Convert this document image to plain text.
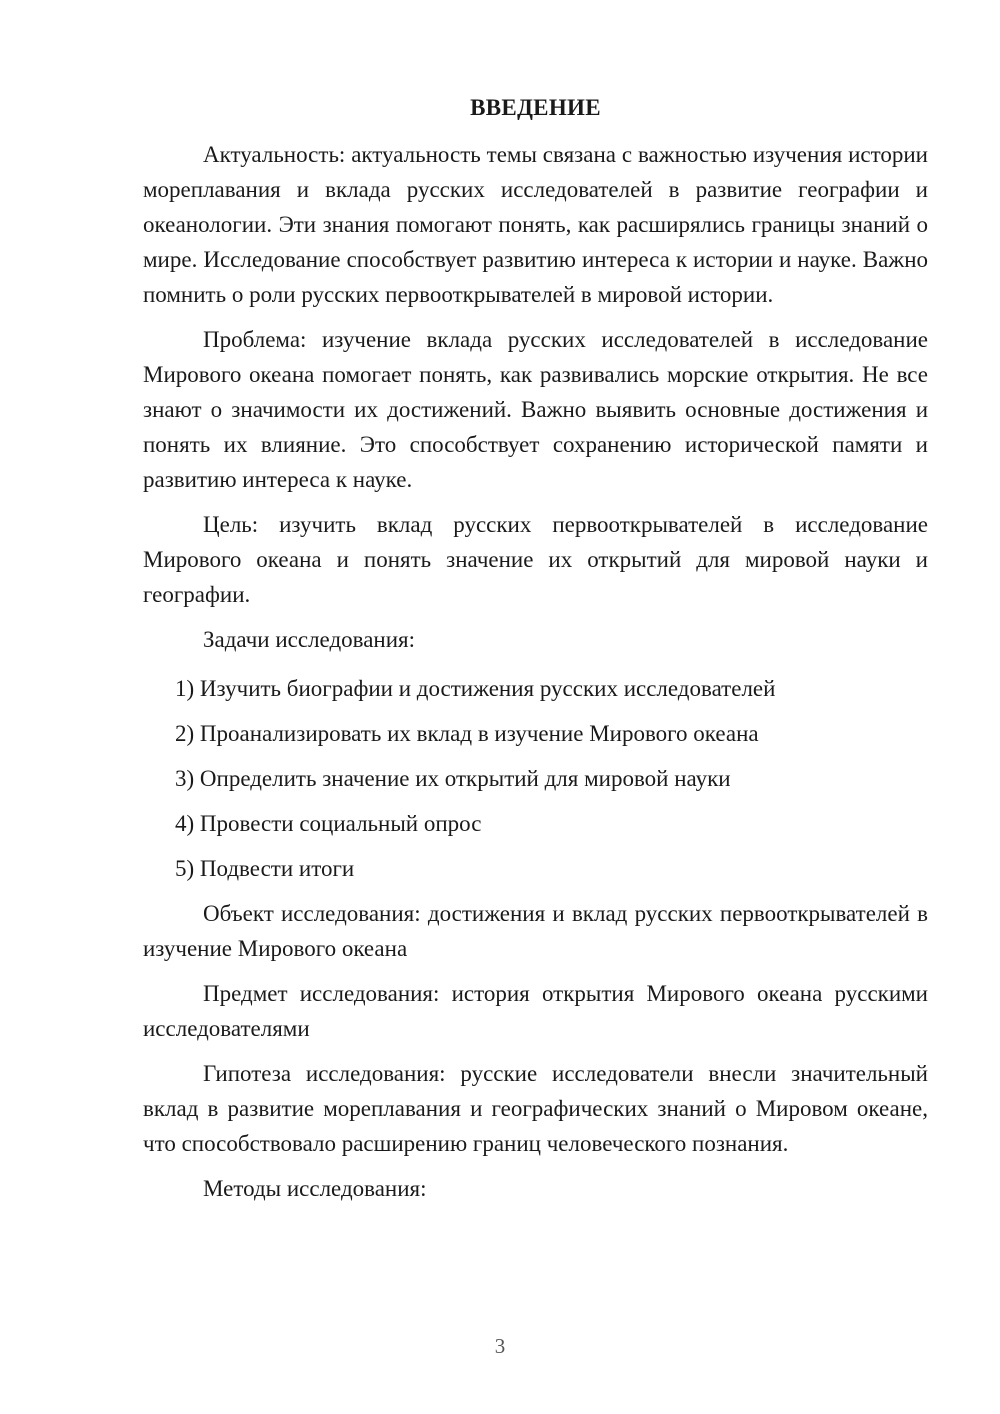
ВВЕДЕНИЕ

Актуальность: актуальность темы связана с важностью изучения истории мореплавания и вклада русских исследователей в развитие географии и океанологии. Эти знания помогают понять, как расширялись границы знаний о мире. Исследование способствует развитию интереса к истории и науке. Важно помнить о роли русских первооткрывателей в мировой истории.

Проблема: изучение вклада русских исследователей в исследование Мирового океана помогает понять, как развивались морские открытия. Не все знают о значимости их достижений. Важно выявить основные достижения и понять их влияние. Это способствует сохранению исторической памяти и развитию интереса к науке.

Цель: изучить вклад русских первооткрывателей в исследование Мирового океана и понять значение их открытий для мировой науки и географии.

Задачи исследования:

1) Изучить биографии и достижения русских исследователей
2) Проанализировать их вклад в изучение Мирового океана
3) Определить значение их открытий для мировой науки
4) Провести социальный опрос
5) Подвести итоги

Объект исследования: достижения и вклад русских первооткрывателей в изучение Мирового океана

Предмет исследования: история открытия Мирового океана русскими исследователями

Гипотеза исследования: русские исследователи внесли значительный вклад в развитие мореплавания и географических знаний о Мировом океане, что способствовало расширению границ человеческого познания.

Методы исследования:

3
